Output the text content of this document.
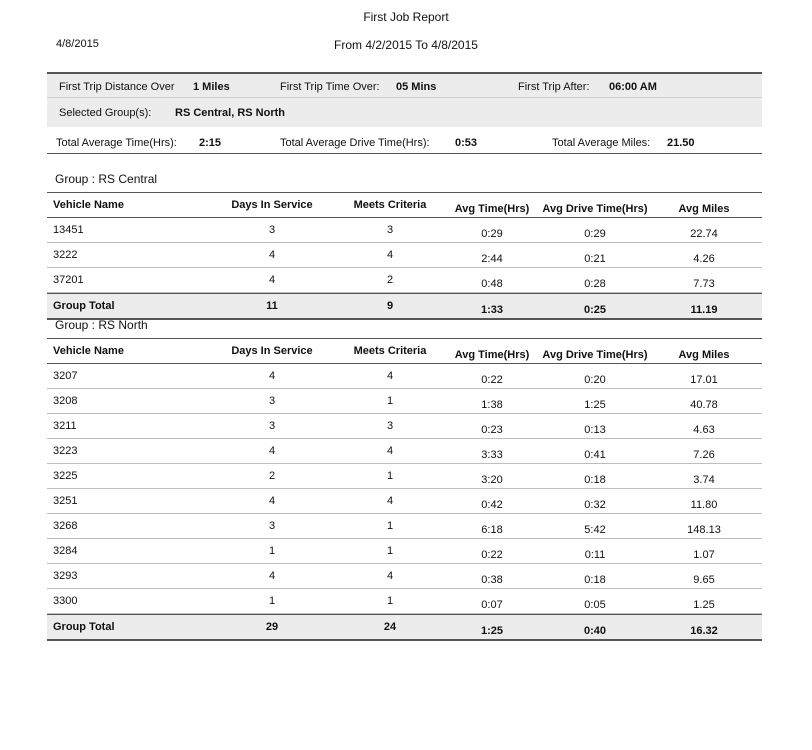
First Job Report
4/8/2015	From 4/2/2015 To 4/8/2015
First Trip Distance Over 1 Miles	First Trip Time Over: 05 Mins	First Trip After: 06:00 AM
Selected Group(s): RS Central, RS North
Total Average Time(Hrs): 2:15	Total Average Drive Time(Hrs): 0:53	Total Average Miles: 21.50
Group : RS Central
Vehicle Name	Days In Service	Meets Criteria	Avg Time(Hrs)	Avg Drive Time(Hrs)	Avg Miles
13451	3	3	0:29	0:29	22.74
3222	4	4	2:44	0:21	4.26
37201	4	2	0:48	0:28	7.73
Group Total	11	9	1:33	0:25	11.19
Group : RS North
Vehicle Name	Days In Service	Meets Criteria	Avg Time(Hrs)	Avg Drive Time(Hrs)	Avg Miles
3207	4	4	0:22	0:20	17.01
3208	3	1	1:38	1:25	40.78
3211	3	3	0:23	0:13	4.63
3223	4	4	3:33	0:41	7.26
3225	2	1	3:20	0:18	3.74
3251	4	4	0:42	0:32	11.80
3268	3	1	6:18	5:42	148.13
3284	1	1	0:22	0:11	1.07
3293	4	4	0:38	0:18	9.65
3300	1	1	0:07	0:05	1.25
Group Total	29	24	1:25	0:40	16.32
